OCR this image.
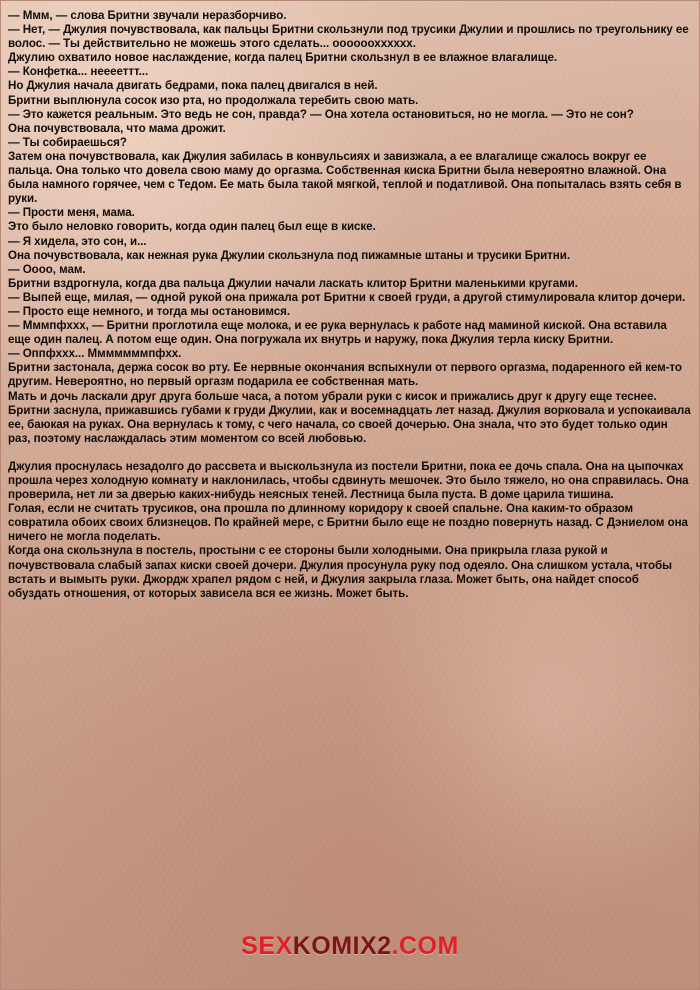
— Ммм, — слова Бритни звучали неразборчиво.

— Нет, — Джулия почувствовала, как пальцы Бритни скользнули под трусики Джулии и прошлись по треугольнику ее волос. — Ты действительно не можешь этого сделать... оооооохххххх.

Джулию охватило новое наслаждение, когда палец Бритни скользнул в ее влажное влагалище.

— Конфетка... нееееттт...

Но Джулия начала двигать бедрами, пока палец двигался в ней.

Бритни выплюнула сосок изо рта, но продолжала теребить свою мать.

— Это кажется реальным. Это ведь не сон, правда? — Она хотела остановиться, но не могла. — Это не сон?

Она почувствовала, что мама дрожит.

— Ты собираешься?

Затем она почувствовала, как Джулия забилась в конвульсиях и завизжала, а ее влагалище сжалось вокруг ее пальца. Она только что довела свою маму до оргазма. Собственная киска Бритни была невероятно влажной. Она была намного горячее, чем с Тедом. Ее мать была такой мягкой, теплой и податливой. Она попыталась взять себя в руки.

— Прости меня, мама.

Это было неловко говорить, когда один палец был еще в киске.

— Я хидела, это сон, и...

Она почувствовала, как нежная рука Джулии скользнула под пижамные штаны и трусики Бритни.

— Оооо, мам.

Бритни вздрогнула, когда два пальца Джулии начали ласкать клитор Бритни маленькими кругами.

— Выпей еще, милая, — одной рукой она прижала рот Бритни к своей груди, а другой стимулировала клитор дочери. — Просто еще немного, и тогда мы остановимся.

— Мммпфххх, — Бритни проглотила еще молока, и ее рука вернулась к работе над маминой киской. Она вставила еще один палец. А потом еще один. Она погружала их внутрь и наружу, пока Джулия терла киску Бритни.

— Оппфххх... Мммммммпфхх.

Бритни застонала, держа сосок во рту. Ее нервные окончания вспыхнули от первого оргазма, подаренного ей кем-то другим. Невероятно, но первый оргазм подарила ее собственная мать.

Мать и дочь ласкали друг друга больше часа, а потом убрали руки с кисок и прижались друг к другу еще теснее. Бритни заснула, прижавшись губами к груди Джулии, как и восемнадцать лет назад. Джулия ворковала и успокаивала ее, баюкая на руках. Она вернулась к тому, с чего начала, со своей дочерью. Она знала, что это будет только один раз, поэтому наслаждалась этим моментом со всей любовью.

Джулия проснулась незадолго до рассвета и выскользнула из постели Бритни, пока ее дочь спала. Она на цыпочках прошла через холодную комнату и наклонилась, чтобы сдвинуть мешочек. Это было тяжело, но она справилась. Она проверила, нет ли за дверью каких-нибудь неясных теней. Лестница была пуста. В доме царила тишина.

Голая, если не считать трусиков, она прошла по длинному коридору к своей спальне. Она каким-то образом совратила обоих своих близнецов. По крайней мере, с Бритни было еще не поздно повернуть назад. С Дэниелом она ничего не могла поделать.

Когда она скользнула в постель, простыни с ее стороны были холодными. Она прикрыла глаза рукой и почувствовала слабый запах киски своей дочери. Джулия просунула руку под одеяло. Она слишком устала, чтобы встать и вымыть руки. Джордж храпел рядом с ней, и Джулия закрыла глаза. Может быть, она найдет способ обуздать отношения, от которых зависела вся ее жизнь. Может быть.

SEXKOMIX2.COM
